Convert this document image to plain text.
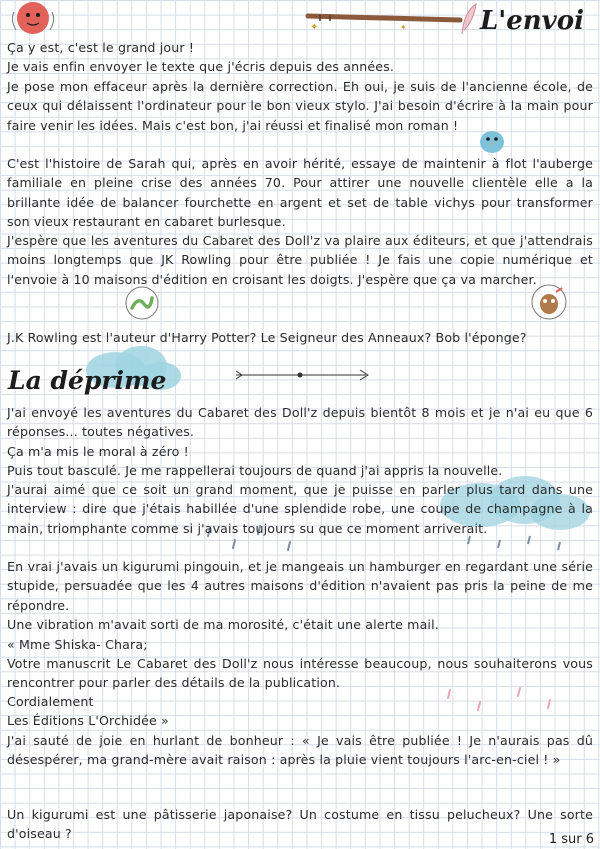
✦	✦	L'envoi

Ça y est, c'est le grand jour !

Je vais enfin envoyer le texte que j'écris depuis des années.

Je pose mon effaceur après la dernière correction. Eh oui, je suis de l'ancienne école, de ceux qui délaissent l'ordinateur pour le bon vieux stylo. J'ai besoin d'écrire à la main pour faire venir les idées. Mais c'est bon, j'ai réussi et finalisé mon roman !

C'est l'histoire de Sarah qui, après en avoir hérité, essaye de maintenir à flot l'auberge familiale en pleine crise des années 70. Pour attirer une nouvelle clientèle elle a la brillante idée de balancer fourchette en argent et set de table vichys pour transformer son vieux restaurant en cabaret burlesque.

J'espère que les aventures du Cabaret des Doll'z va plaire aux éditeurs, et que j'attendrais moins longtemps que JK Rowling pour être publiée ! Je fais une copie numérique et l'envoie à 10 maisons d'édition en croisant les doigts. J'espère que ça va marcher.

J.K Rowling est l'auteur d'Harry Potter? Le Seigneur des Anneaux? Bob l'éponge?

La déprime

J'ai envoyé les aventures du Cabaret des Doll'z depuis bientôt 8 mois et je n'ai eu que 6 réponses... toutes négatives.

Ça m'a mis le moral à zéro !

Puis tout basculé. Je me rappellerai toujours de quand j'ai appris la nouvelle.

J'aurai aimé que ce soit un grand moment, que je puisse en parler plus tard dans une interview : dire que j'étais habillée d'une splendide robe, une coupe de champagne à la main, triomphante comme si j'avais toujours su que ce moment arriverait.

En vrai j'avais un kigurumi pingouin, et je mangeais un hamburger en regardant une série stupide, persuadée que les 4 autres maisons d'édition n'avaient pas pris la peine de me répondre.

Une vibration m'avait sorti de ma morosité, c'était une alerte mail.

« Mme Shiska- Chara;

Votre manuscrit Le Cabaret des Doll'z nous intéresse beaucoup, nous souhaiterons vous rencontrer pour parler des détails de la publication.

Cordialement

Les Éditions L'Orchidée »

J'ai sauté de joie en hurlant de bonheur : « Je vais être publiée ! Je n'aurais pas dû désespérer, ma grand-mère avait raison : après la pluie vient toujours l'arc-en-ciel ! »

Un kigurumi est une pâtisserie japonaise? Un costume en tissu pelucheux? Une sorte d'oiseau ?	1 sur 6
